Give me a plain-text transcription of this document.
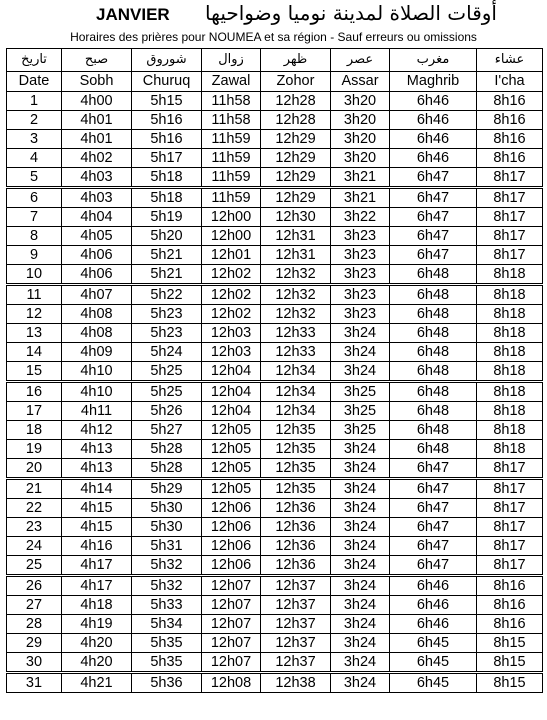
JANVIER أوقات الصلاة لمدينة نوميا وضواحيها
Horaires des prières pour NOUMEA et sa région - Sauf erreurs ou omissions
تاريخ	صبح	شوروق	زوال	ظهر	عصر	مغرب	عشاء
Date	Sobh	Churuq	Zawal	Zohor	Assar	Maghrib	I'cha
1	4h00	5h15	11h58	12h28	3h20	6h46	8h16
2	4h01	5h16	11h58	12h28	3h20	6h46	8h16
3	4h01	5h16	11h59	12h29	3h20	6h46	8h16
4	4h02	5h17	11h59	12h29	3h20	6h46	8h16
5	4h03	5h18	11h59	12h29	3h21	6h47	8h17
6	4h03	5h18	11h59	12h29	3h21	6h47	8h17
7	4h04	5h19	12h00	12h30	3h22	6h47	8h17
8	4h05	5h20	12h00	12h31	3h23	6h47	8h17
9	4h06	5h21	12h01	12h31	3h23	6h47	8h17
10	4h06	5h21	12h02	12h32	3h23	6h48	8h18
11	4h07	5h22	12h02	12h32	3h23	6h48	8h18
12	4h08	5h23	12h02	12h32	3h23	6h48	8h18
13	4h08	5h23	12h03	12h33	3h24	6h48	8h18
14	4h09	5h24	12h03	12h33	3h24	6h48	8h18
15	4h10	5h25	12h04	12h34	3h24	6h48	8h18
16	4h10	5h25	12h04	12h34	3h25	6h48	8h18
17	4h11	5h26	12h04	12h34	3h25	6h48	8h18
18	4h12	5h27	12h05	12h35	3h25	6h48	8h18
19	4h13	5h28	12h05	12h35	3h24	6h48	8h18
20	4h13	5h28	12h05	12h35	3h24	6h47	8h17
21	4h14	5h29	12h05	12h35	3h24	6h47	8h17
22	4h15	5h30	12h06	12h36	3h24	6h47	8h17
23	4h15	5h30	12h06	12h36	3h24	6h47	8h17
24	4h16	5h31	12h06	12h36	3h24	6h47	8h17
25	4h17	5h32	12h06	12h36	3h24	6h47	8h17
26	4h17	5h32	12h07	12h37	3h24	6h46	8h16
27	4h18	5h33	12h07	12h37	3h24	6h46	8h16
28	4h19	5h34	12h07	12h37	3h24	6h46	8h16
29	4h20	5h35	12h07	12h37	3h24	6h45	8h15
30	4h20	5h35	12h07	12h37	3h24	6h45	8h15
31	4h21	5h36	12h08	12h38	3h24	6h45	8h15
